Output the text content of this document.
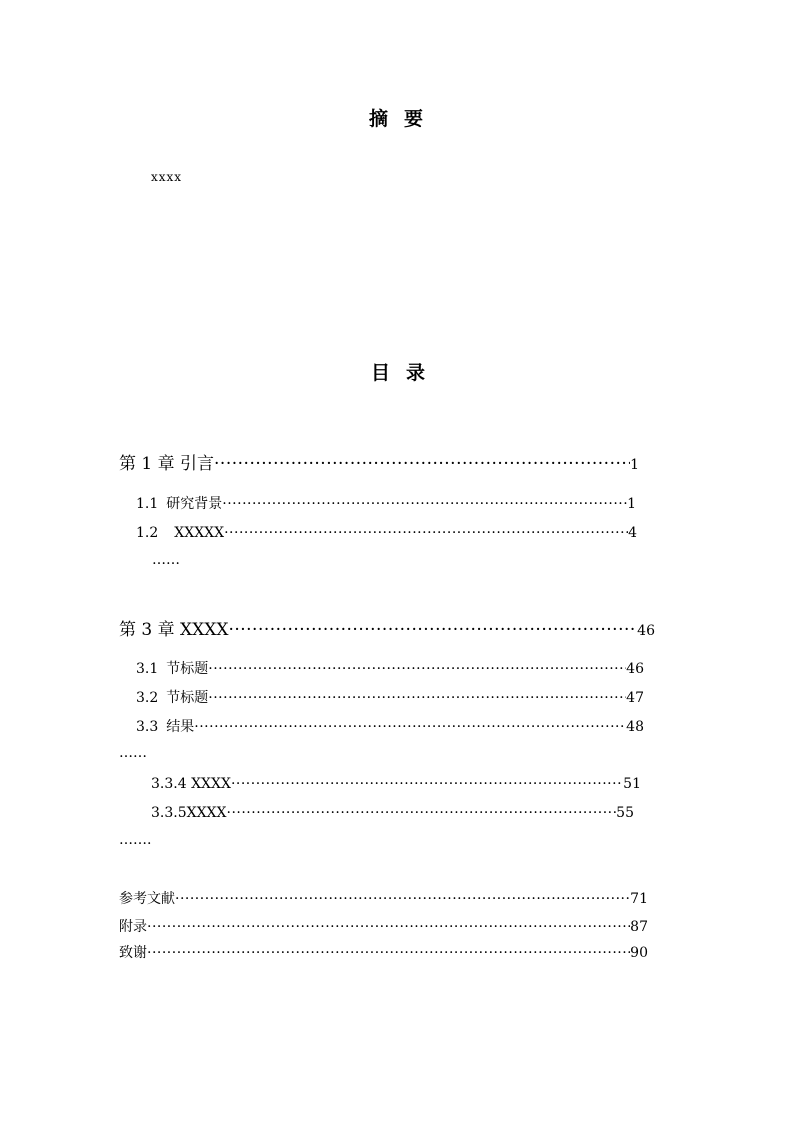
摘要
xxxx
目录
第 1 章 引言 ·····	1
1.1 研究背景 ·····	1
1.2	XXXXX ·····	4
……
第 3 章 XXXX ·····	46
3.1 节标题 ·····	46
3.2 节标题 ·····	47
3.3 结果 ·····	48
……
3.3.4 XXXX ·····	51
3.3.5XXXX ·····	55
…….
参考文献 ·····	71
附录 ·····	87
致谢 ·····	90
